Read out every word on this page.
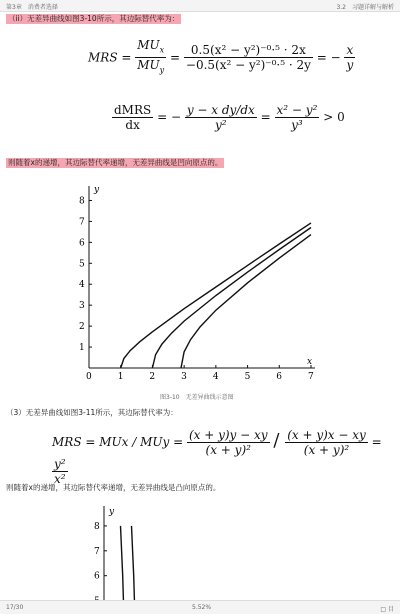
第3章　消费者选择	3.2　习题详解与解析
（ii）无差异曲线如图3-10所示，其边际替代率为：
MRS = $\frac{MU_x}{MU_y} = \frac{\text{0.5(x² − y²)⁻⁰·⁵ · 2x}}{\text{−0.5(x² − y²)⁻⁰·⁵ · 2y}}$ = − $\frac{x}{y}$
$\frac{\text{dMRS}}{dx}$ = − $\frac{\text{y − x dy/dx}}{\text{y²}} = \frac{\text{x² − y²}}{\text{y³}} > 0$
则随着x的递增，其边际替代率递增，无差异曲线是凹向原点的。
x
y
0	1	2	3	4	5	6	7
1
2
3
4
5
6
7
8
图3-10　无差异曲线示意图
（3）无差异曲线如图3-11所示，其边际替代率为：
MRS = MUx / MUy = $\frac{(x + y)y - xy}{\text{(x + y)²}} / \frac{(x + y)x - xy}{\text{(x + y)²}}$ =
$\frac{\text{y²}}{\text{x²}}$
则随着x的递增，其边际替代率递增，无差异曲线是凸向原点的。
y
6
7
8
17/30	5.52%	□ 目
